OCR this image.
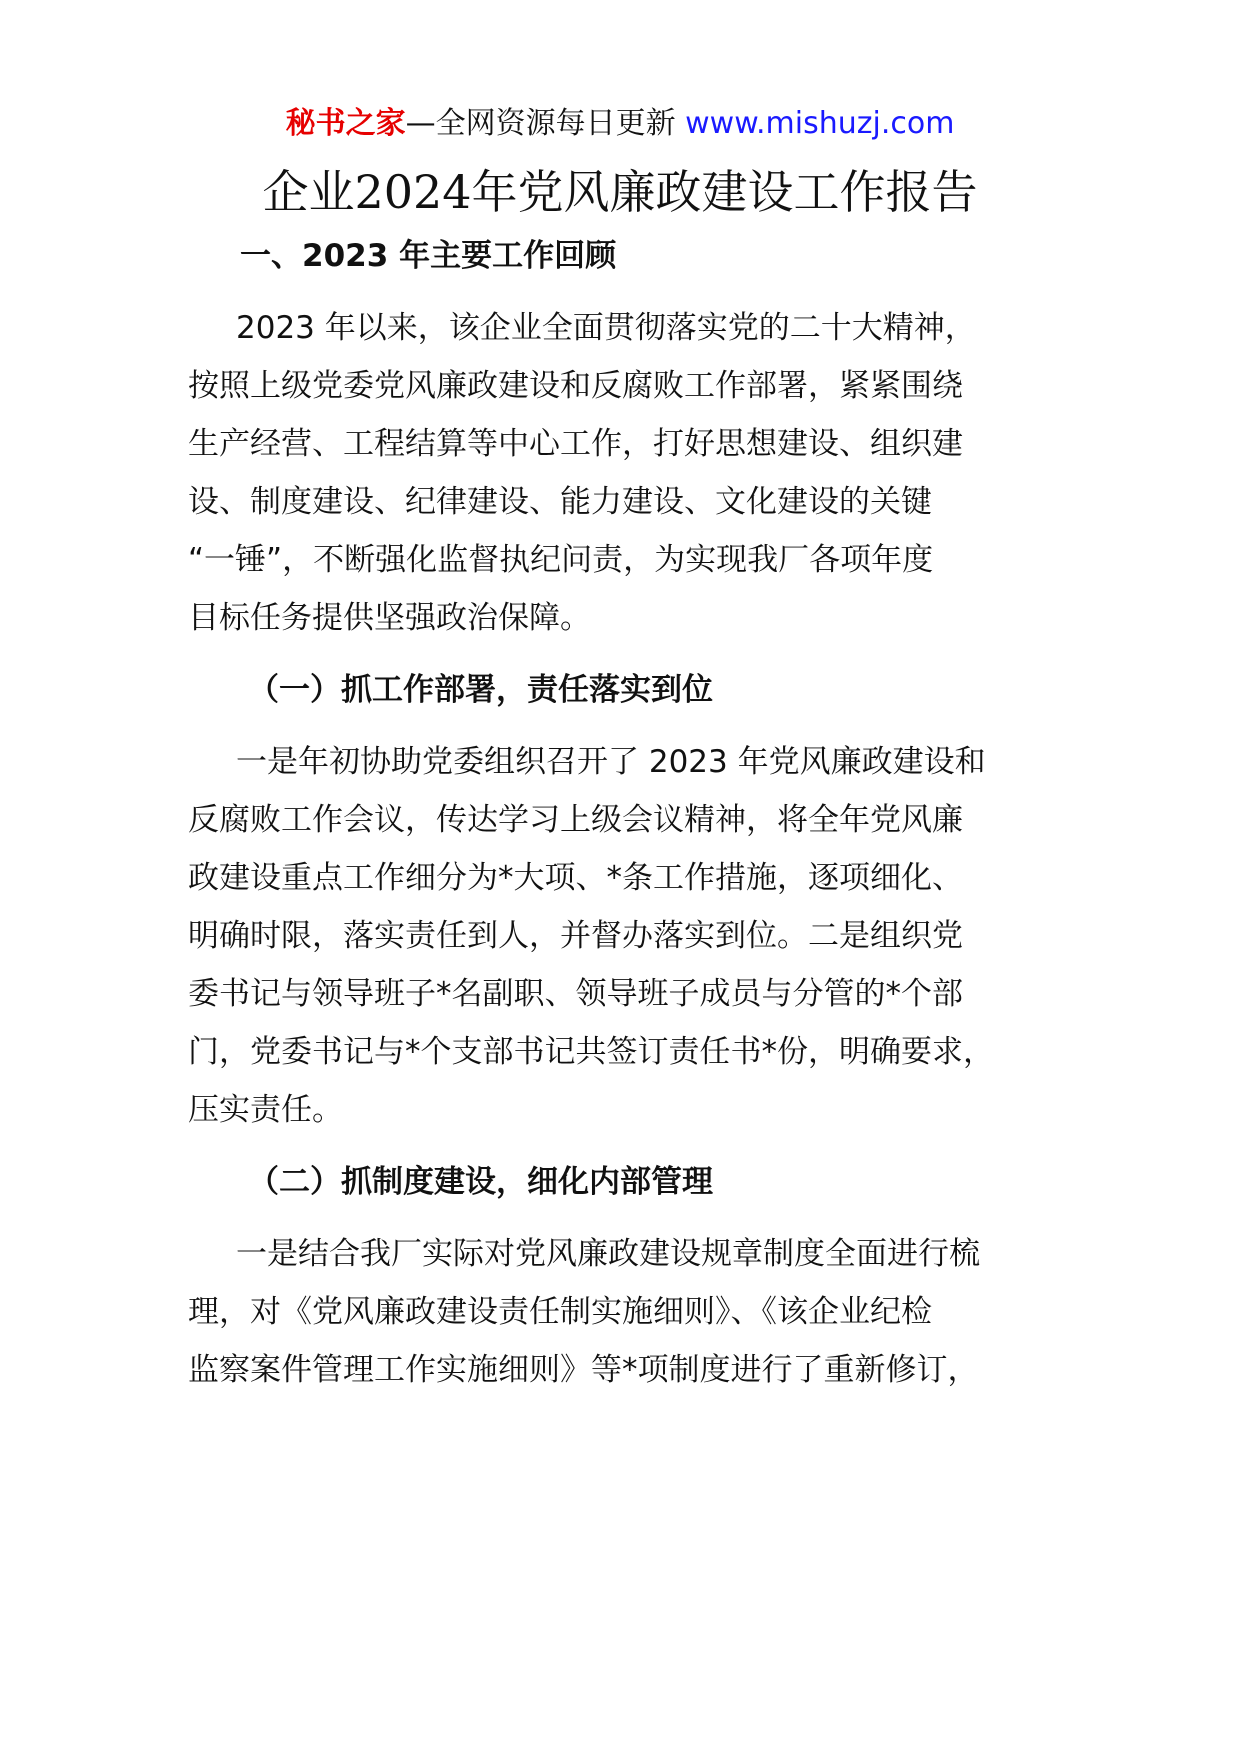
秘书之家—全网资源每日更新 www.mishuzj.com
企业2024年党风廉政建设工作报告
一、2023 年主要工作回顾
2023 年以来，该企业全面贯彻落实党的二十大精神，
按照上级党委党风廉政建设和反腐败工作部署，紧紧围绕
生产经营、工程结算等中心工作，打好思想建设、组织建
设、制度建设、纪律建设、能力建设、文化建设的关键
“一锤”，不断强化监督执纪问责，为实现我厂各项年度
目标任务提供坚强政治保障。
（一）抓工作部署，责任落实到位
一是年初协助党委组织召开了 2023 年党风廉政建设和
反腐败工作会议，传达学习上级会议精神，将全年党风廉
政建设重点工作细分为*大项、*条工作措施，逐项细化、
明确时限，落实责任到人，并督办落实到位。二是组织党
委书记与领导班子*名副职、领导班子成员与分管的*个部
门，党委书记与*个支部书记共签订责任书*份，明确要求，
压实责任。
（二）抓制度建设，细化内部管理
一是结合我厂实际对党风廉政建设规章制度全面进行梳
理，对《党风廉政建设责任制实施细则》、《该企业纪检
监察案件管理工作实施细则》等*项制度进行了重新修订，
